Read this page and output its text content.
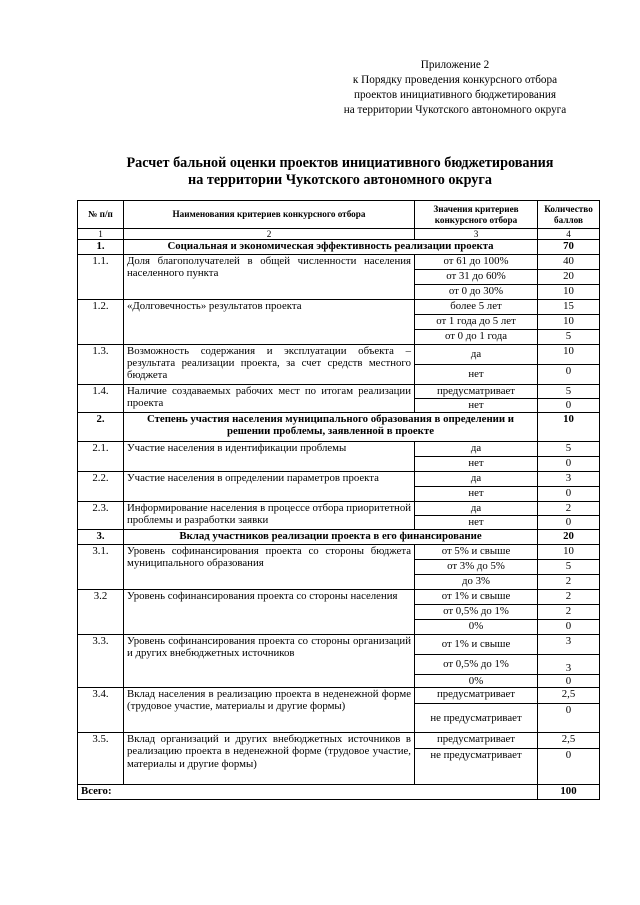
Приложение 2
к Порядку проведения конкурсного отбора
проектов инициативного бюджетирования
на территории Чукотского автономного округа
Расчет бальной оценки проектов инициативного бюджетирования
на территории Чукотского автономного округа
№ п/п	Наименования критериев конкурсного отбора	Значения критериев конкурсного отбора	Количество баллов
1	2	3	4
1.	Социальная и экономическая эффективность реализации проекта		70
1.1.	Доля благополучателей в общей численности населения населенного пункта	от 61 до 100%	40
		от 31 до 60%	20
		от 0 до 30%	10
1.2.	«Долговечность» результатов проекта	более 5 лет	15
		от 1 года до 5 лет	10
		от 0 до 1 года	5
1.3.	Возможность содержания и эксплуатации объекта – результата реализации проекта, за счет средств местного бюджета	да	10
		нет	0
1.4.	Наличие создаваемых рабочих мест по итогам реализации проекта	предусматривает	5
		нет	0
2.	Степень участия населения муниципального образования в определении и решении проблемы, заявленной в проекте		10
2.1.	Участие населения в идентификации проблемы	да	5
		нет	0
2.2.	Участие населения в определении параметров проекта	да	3
		нет	0
2.3.	Информирование населения в процессе отбора приоритетной проблемы и разработки заявки	да	2
		нет	0
3.	Вклад участников реализации проекта в его финансирование		20
3.1.	Уровень софинансирования проекта со стороны бюджета муниципального образования	от 5% и свыше	10
		от 3% до 5%	5
		до 3%	2
3.2	Уровень софинансирования проекта со стороны населения	от 1% и свыше	2
		от 0,5% до 1%	2
		0%	0
3.3.	Уровень софинансирования проекта со стороны организаций и других внебюджетных источников	от 1% и свыше	3
		от 0,5% до 1%	3
		0%	0
3.4.	Вклад населения в реализацию проекта в неденежной форме (трудовое участие, материалы и другие формы)	предусматривает	2,5
		не предусматривает	0
3.5.	Вклад организаций и других внебюджетных источников в реализацию проекта в неденежной форме (трудовое участие, материалы и другие формы)	предусматривает	2,5
		не предусматривает	0
Всего:			100
